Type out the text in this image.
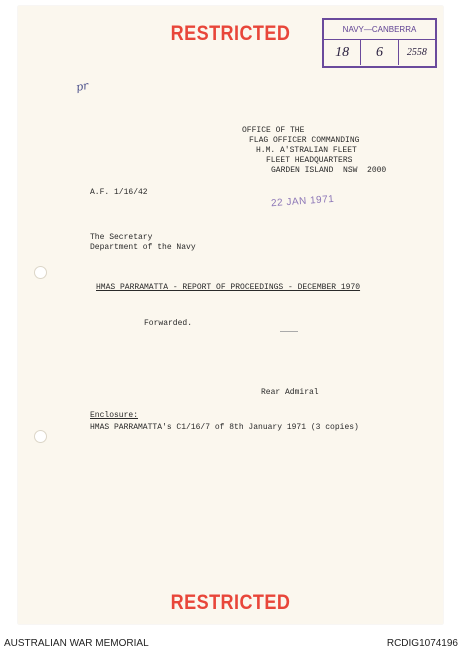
RESTRICTED	NAVY—CANBERRA
18	6	2558
pr
OFFICE OF THE
FLAG OFFICER COMMANDING
H.M. AʹSTRALIAN FLEET
FLEET HEADQUARTERS
GARDEN ISLAND  NSW  2000
A.F. 1/16/42
22 JAN 1971
The Secretary
Department of the Navy
HMAS PARRAMATTA - REPORT OF PROCEEDINGS - DECEMBER 1970
Forwarded.
Rear Admiral
Enclosure:
HMAS PARRAMATTA's C1/16/7 of 8th January 1971 (3 copies)
RESTRICTED
AUSTRALIAN WAR MEMORIAL	RCDIG1074196
